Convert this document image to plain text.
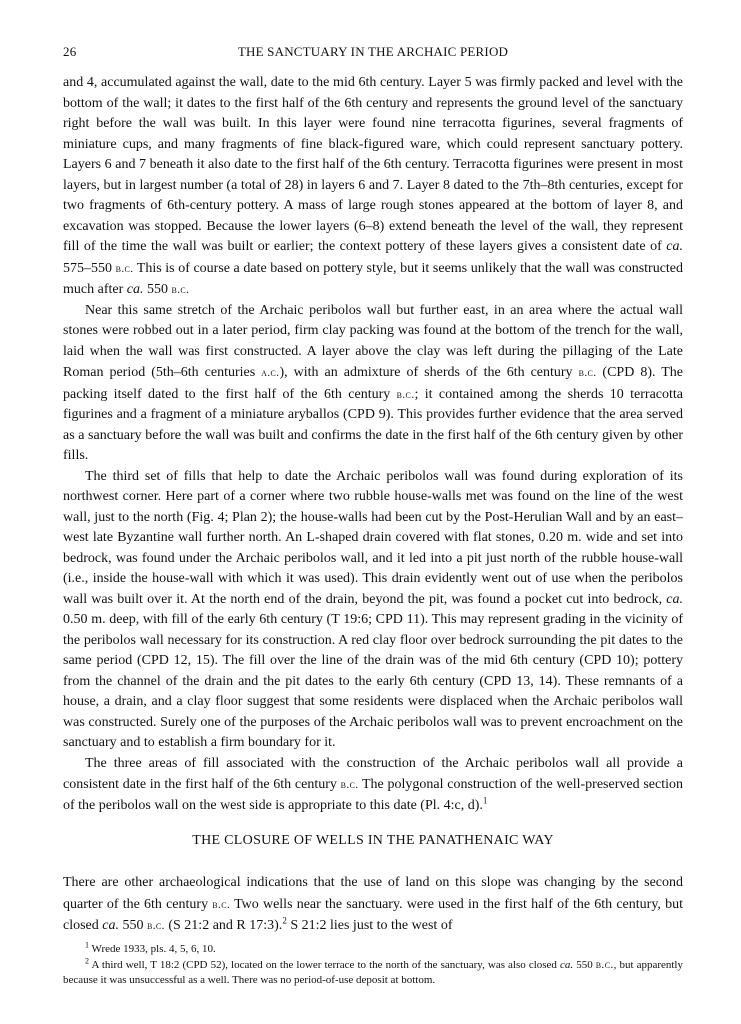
26	THE SANCTUARY IN THE ARCHAIC PERIOD

and 4, accumulated against the wall, date to the mid 6th century. Layer 5 was firmly packed and level with the bottom of the wall; it dates to the first half of the 6th century and represents the ground level of the sanctuary right before the wall was built. In this layer were found nine terracotta figurines, several fragments of miniature cups, and many fragments of fine black-figured ware, which could represent sanctuary pottery. Layers 6 and 7 beneath it also date to the first half of the 6th century. Terracotta figurines were present in most layers, but in largest number (a total of 28) in layers 6 and 7. Layer 8 dated to the 7th–8th centuries, except for two fragments of 6th-century pottery. A mass of large rough stones appeared at the bottom of layer 8, and excavation was stopped. Because the lower layers (6–8) extend beneath the level of the wall, they represent fill of the time the wall was built or earlier; the context pottery of these layers gives a consistent date of ca. 575–550 b.c. This is of course a date based on pottery style, but it seems unlikely that the wall was constructed much after ca. 550 b.c.

Near this same stretch of the Archaic peribolos wall but further east, in an area where the actual wall stones were robbed out in a later period, firm clay packing was found at the bottom of the trench for the wall, laid when the wall was first constructed. A layer above the clay was left during the pillaging of the Late Roman period (5th–6th centuries a.c.), with an admixture of sherds of the 6th century b.c. (CPD 8). The packing itself dated to the first half of the 6th century b.c.; it contained among the sherds 10 terracotta figurines and a fragment of a miniature aryballos (CPD 9). This provides further evidence that the area served as a sanctuary before the wall was built and confirms the date in the first half of the 6th century given by other fills.

The third set of fills that help to date the Archaic peribolos wall was found during exploration of its northwest corner. Here part of a corner where two rubble house-walls met was found on the line of the west wall, just to the north (Fig. 4; Plan 2); the house-walls had been cut by the Post-Herulian Wall and by an east–west late Byzantine wall further north. An L-shaped drain covered with flat stones, 0.20 m. wide and set into bedrock, was found under the Archaic peribolos wall, and it led into a pit just north of the rubble house-wall (i.e., inside the house-wall with which it was used). This drain evidently went out of use when the peribolos wall was built over it. At the north end of the drain, beyond the pit, was found a pocket cut into bedrock, ca. 0.50 m. deep, with fill of the early 6th century (T 19:6; CPD 11). This may represent grading in the vicinity of the peribolos wall necessary for its construction. A red clay floor over bedrock surrounding the pit dates to the same period (CPD 12, 15). The fill over the line of the drain was of the mid 6th century (CPD 10); pottery from the channel of the drain and the pit dates to the early 6th century (CPD 13, 14). These remnants of a house, a drain, and a clay floor suggest that some residents were displaced when the Archaic peribolos wall was constructed. Surely one of the purposes of the Archaic peribolos wall was to prevent encroachment on the sanctuary and to establish a firm boundary for it.

The three areas of fill associated with the construction of the Archaic peribolos wall all provide a consistent date in the first half of the 6th century b.c. The polygonal construction of the well-preserved section of the peribolos wall on the west side is appropriate to this date (Pl. 4:c, d).$^1$

THE CLOSURE OF WELLS IN THE PANATHENAIC WAY

There are other archaeological indications that the use of land on this slope was changing by the second quarter of the 6th century b.c. Two wells near the sanctuary. were used in the first half of the 6th century, but closed ca. 550 b.c. (S 21:2 and R 17:3).$^2$ S 21:2 lies just to the west of

$^1$ Wrede 1933, pls. 4, 5, 6, 10.

$^2$ A third well, T 18:2 (CPD 52), located on the lower terrace to the north of the sanctuary, was also closed ca. 550 b.c., but apparently because it was unsuccessful as a well. There was no period-of-use deposit at bottom.
